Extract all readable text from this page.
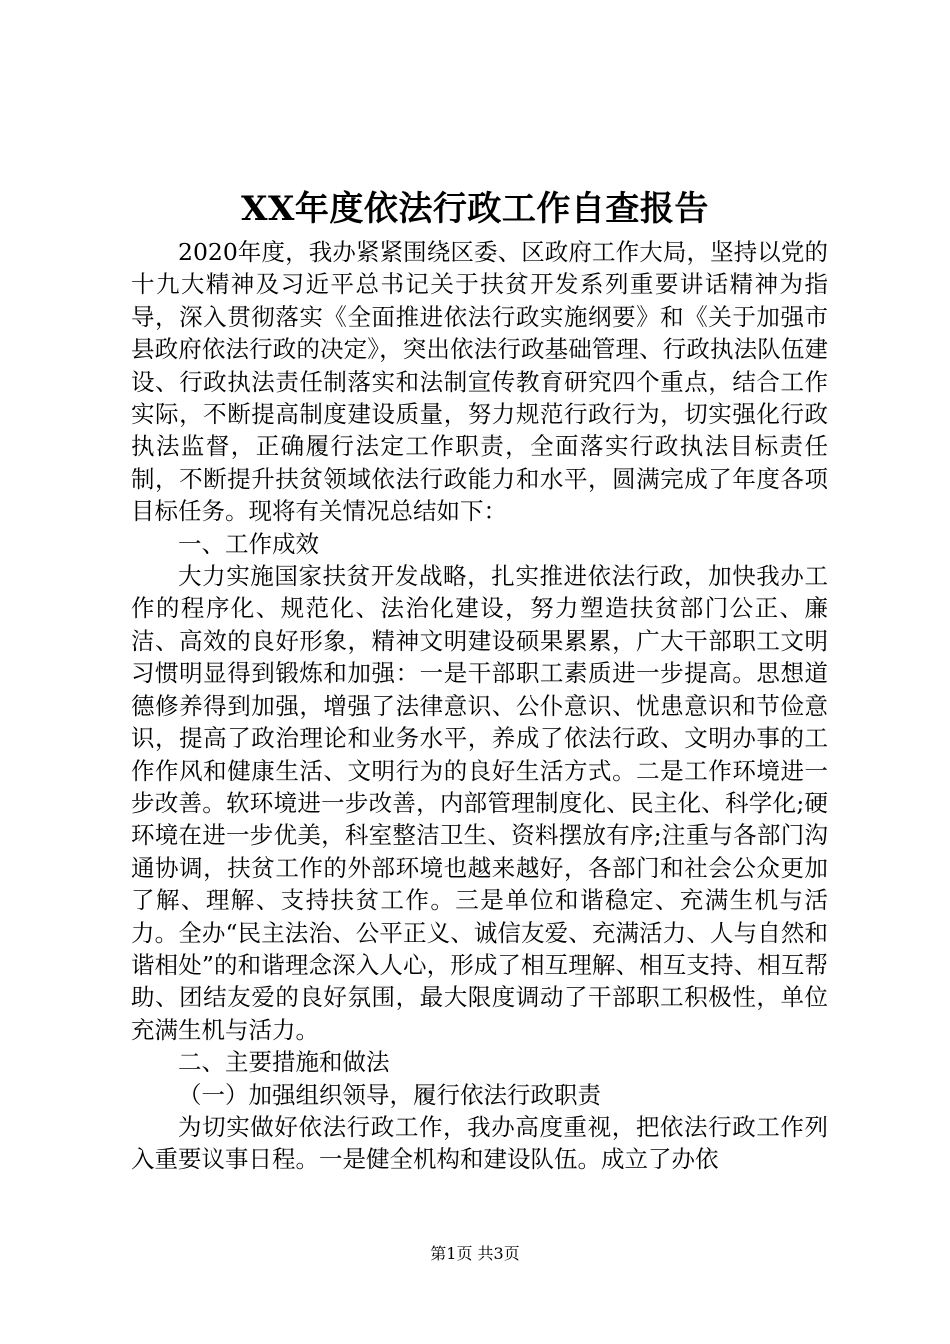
XX年度依法行政工作自查报告

2020年度，我办紧紧围绕区委、区政府工作大局，坚持以党的十九大精神及习近平总书记关于扶贫开发系列重要讲话精神为指导，深入贯彻落实《全面推进依法行政实施纲要》和《关于加强市县政府依法行政的决定》，突出依法行政基础管理、行政执法队伍建设、行政执法责任制落实和法制宣传教育研究四个重点，结合工作实际，不断提高制度建设质量，努力规范行政行为，切实强化行政执法监督，正确履行法定工作职责，全面落实行政执法目标责任制，不断提升扶贫领域依法行政能力和水平，圆满完成了年度各项目标任务。现将有关情况总结如下：

一、工作成效

大力实施国家扶贫开发战略，扎实推进依法行政，加快我办工作的程序化、规范化、法治化建设，努力塑造扶贫部门公正、廉洁、高效的良好形象，精神文明建设硕果累累，广大干部职工文明习惯明显得到锻炼和加强：一是干部职工素质进一步提高。思想道德修养得到加强，增强了法律意识、公仆意识、忧患意识和节俭意识，提高了政治理论和业务水平，养成了依法行政、文明办事的工作作风和健康生活、文明行为的良好生活方式。二是工作环境进一步改善。软环境进一步改善，内部管理制度化、民主化、科学化;硬环境在进一步优美，科室整洁卫生、资料摆放有序;注重与各部门沟通协调，扶贫工作的外部环境也越来越好，各部门和社会公众更加了解、理解、支持扶贫工作。三是单位和谐稳定、充满生机与活力。全办“民主法治、公平正义、诚信友爱、充满活力、人与自然和谐相处”的和谐理念深入人心，形成了相互理解、相互支持、相互帮助、团结友爱的良好氛围，最大限度调动了干部职工积极性，单位充满生机与活力。

二、主要措施和做法

（一）加强组织领导，履行依法行政职责

为切实做好依法行政工作，我办高度重视，把依法行政工作列入重要议事日程。一是健全机构和建设队伍。成立了办依

第1页 共3页
